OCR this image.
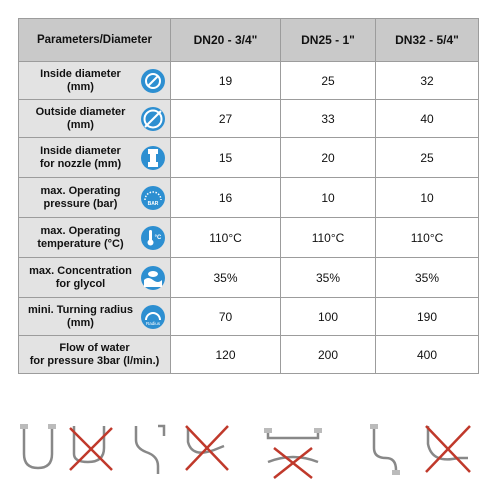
Parameters/Diameter	DN20 - 3/4"	DN25 - 1"	DN32 - 5/4"

Inside diameter
(mm)	19	25	32

Outside diameter
(mm)	27	33	40

Inside diameter
for nozzle (mm)	15	20	25

max. Operating
pressure (bar) BAR	16	10	10

max. Operating
temperature (°C) °C	110°C	110°C	110°C

max. Concentration
for glycol	35%	35%	35%

mini. Turning radius
(mm) Radius	70	100	190

Flow of water
for pressure 3bar (l/min.)	120	200	400
